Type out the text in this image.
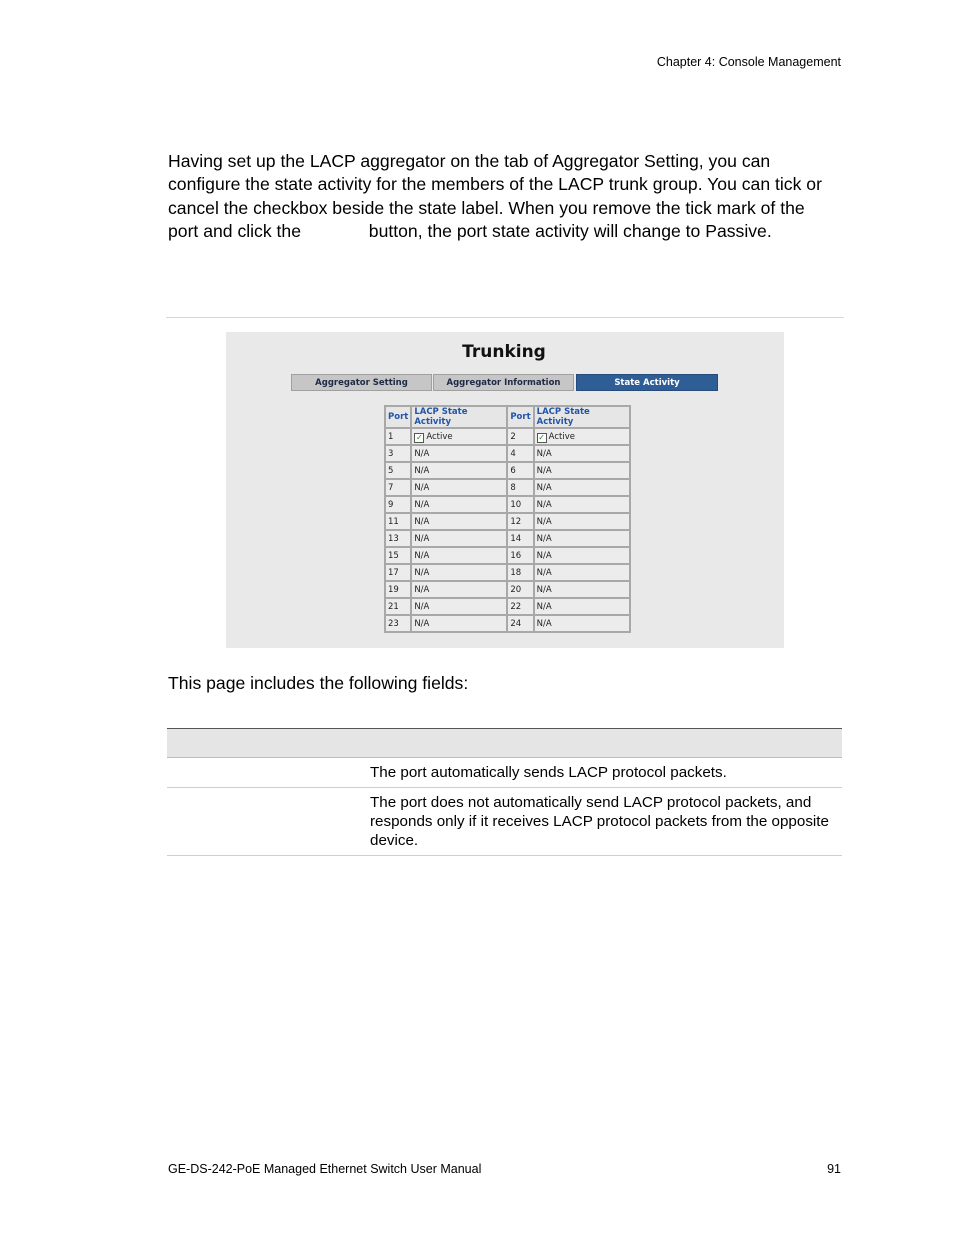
Chapter 4: Console Management

Having set up the LACP aggregator on the tab of Aggregator Setting, you can configure the state activity for the members of the LACP trunk group. You can tick or cancel the checkbox beside the state label. When you remove the tick mark of the port and click the	button, the port state activity will change to Passive.

Trunking
Aggregator Setting	Aggregator Information	State Activity
Port	LACP State Activity	Port	LACP State Activity
1	✓ Active	2	✓ Active
3	N/A	4	N/A
5	N/A	6	N/A
7	N/A	8	N/A
9	N/A	10	N/A
11	N/A	12	N/A
13	N/A	14	N/A
15	N/A	16	N/A
17	N/A	18	N/A
19	N/A	20	N/A
21	N/A	22	N/A
23	N/A	24	N/A
This page includes the following fields:

	The port automatically sends LACP protocol packets.
	The port does not automatically send LACP protocol packets, and responds only if it receives LACP protocol packets from the opposite device.
GE-DS-242-PoE Managed Ethernet Switch User Manual	91
